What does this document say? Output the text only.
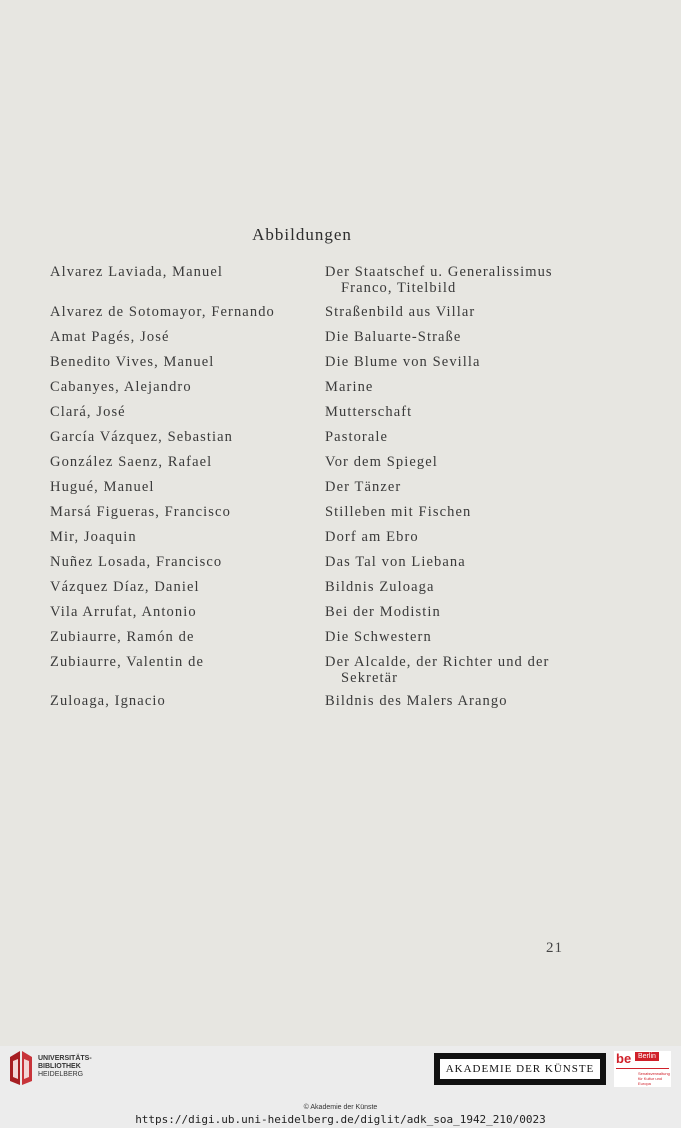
Abbildungen
Alvarez Laviada, Manuel	Der Staatschef u. Generalissimus
Franco, Titelbild
Alvarez de Sotomayor, Fernando	Straßenbild aus Villar
Amat Pagés, José	Die Baluarte-Straße
Benedito Vives, Manuel	Die Blume von Sevilla
Cabanyes, Alejandro	Marine
Clará, José	Mutterschaft
García Vázquez, Sebastian	Pastorale
González Saenz, Rafael	Vor dem Spiegel
Hugué, Manuel	Der Tänzer
Marsá Figueras, Francisco	Stilleben mit Fischen
Mir, Joaquin	Dorf am Ebro
Nuñez Losada, Francisco	Das Tal von Liebana
Vázquez Díaz, Daniel	Bildnis Zuloaga
Vila Arrufat, Antonio	Bei der Modistin
Zubiaurre, Ramón de	Die Schwestern
Zubiaurre, Valentin de	Der Alcalde, der Richter und der
Sekretär
Zuloaga, Ignacio	Bildnis des Malers Arango
21
UNIVERSITÄTS-
BIBLIOTHEK
HEIDELBERG	AKADEMIE DER KÜNSTE
be Berlin
Senatsverwaltung
für Kultur und Europa
© Akademie der Künste
https://digi.ub.uni-heidelberg.de/diglit/adk_soa_1942_210/0023
